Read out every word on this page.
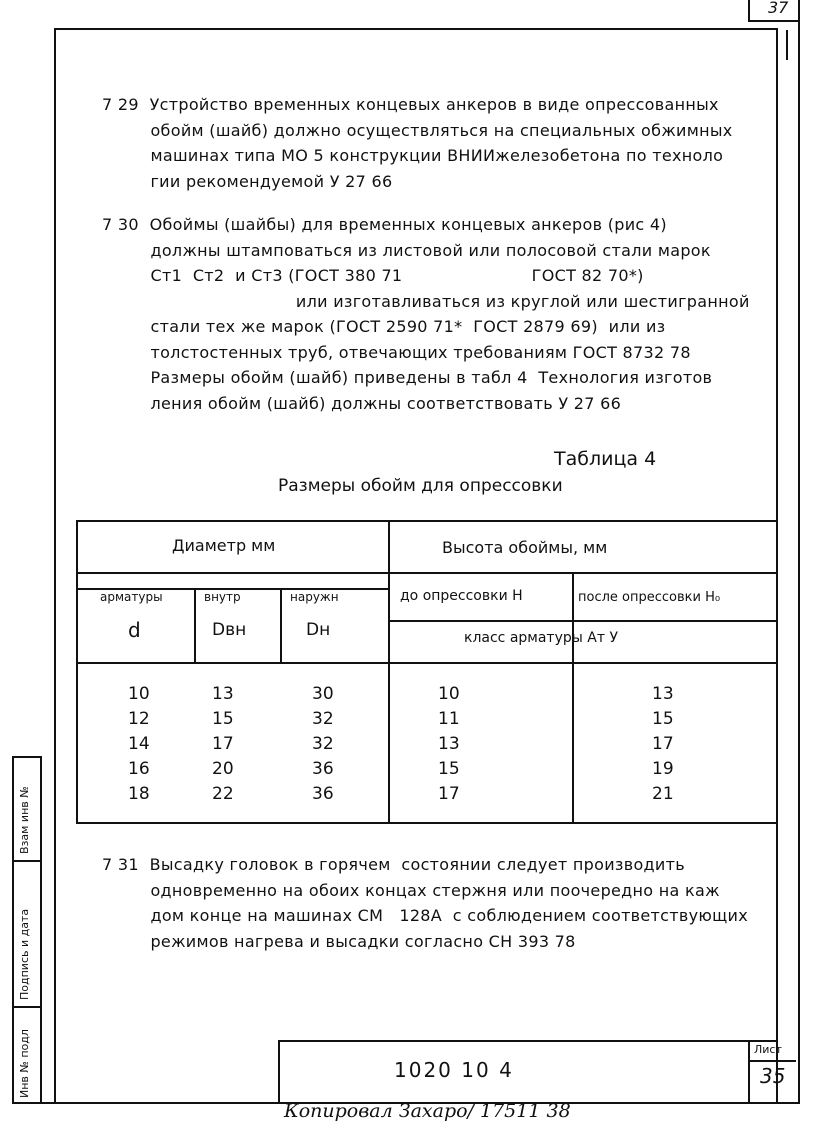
37
7 29  Устройство временных концевых анкеров в виде опрессованных
обойм (шайб) должно осуществляться на специальных обжимных
машинах типа МО 5 конструкции ВНИИжелезобетона по техноло
гии рекомендуемой У 27 66
7 30  Обоймы (шайбы) для временных концевых анкеров (рис 4)
должны штамповаться из листовой или полосовой стали марок
Ст1  Ст2  и Ст3 (ГОСТ 380 71                        ГОСТ 82 70*)
или изготавливаться из круглой или шестигранной
стали тех же марок (ГОСТ 2590 71*  ГОСТ 2879 69)  или из
толстостенных труб, отвечающих требованиям ГОСТ 8732 78
Размеры обойм (шайб) приведены в табл 4  Технология изготов
ления обойм (шайб) должны соответствовать У 27 66
Таблица 4
Размеры обойм для опрессовки
Диаметр мм	Высота обоймы, мм
арматуры	внутр	наружн
d	Dвн	Dн
до опрессовки H	после опрессовки H₀
класс арматуры Aт У
10	13	30	10	13
12	15	32	11	15
14	17	32	13	17
16	20	36	15	19
18	22	36	17	21
7 31  Высадку головок в горячем  состоянии следует производить
одновременно на обоих концах стержня или поочередно на каж
дом конце на машинах СМ   128А  с соблюдением соответствующих
режимов нагрева и высадки согласно СН 393 78
1020 10 4
Лист
35
Инв № подл
Подпись и дата
Взам инв №
Копировал Захаро/ 17511 38
